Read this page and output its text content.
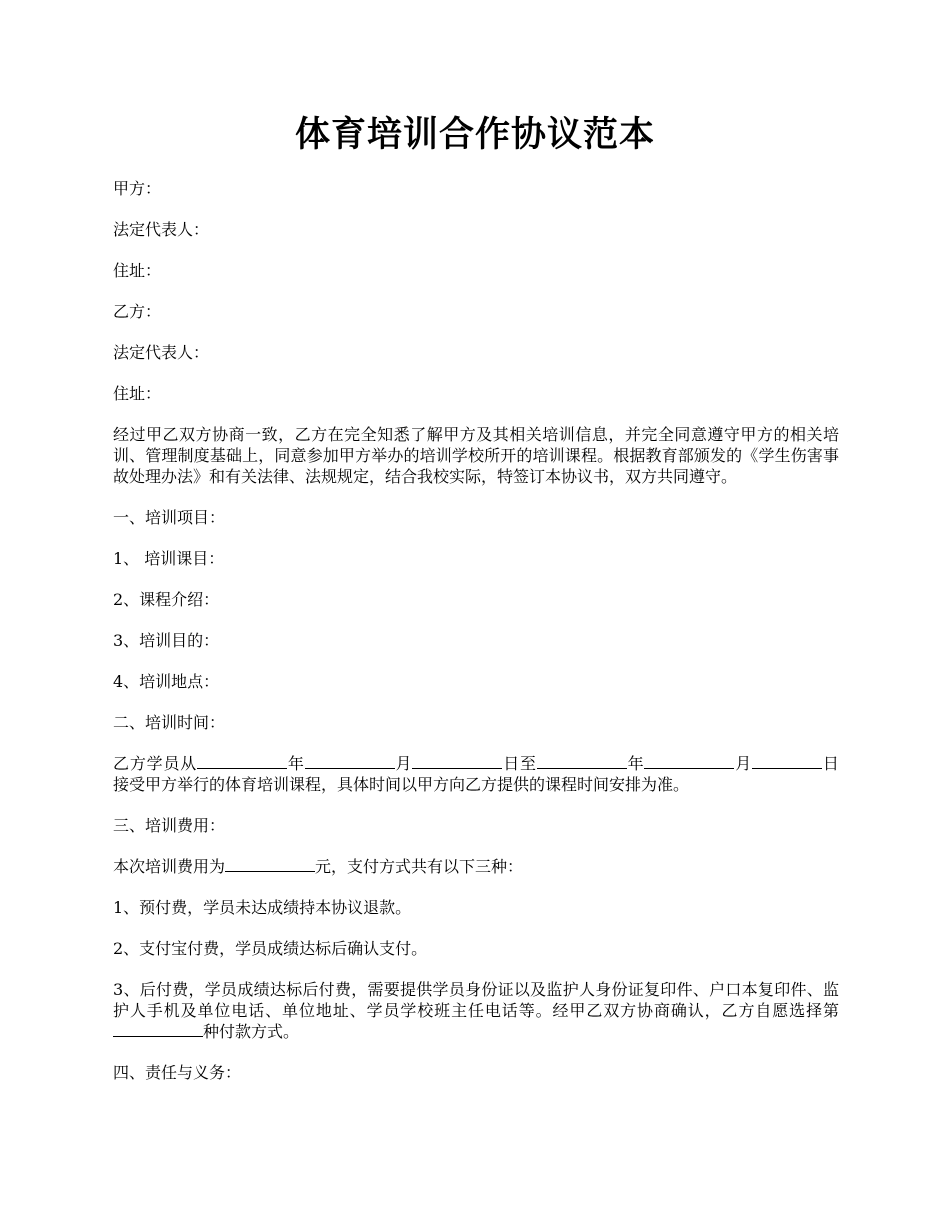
体育培训合作协议范本

甲方：

法定代表人：

住址：

乙方：

法定代表人：

住址：

经过甲乙双方协商一致，乙方在完全知悉了解甲方及其相关培训信息，并完全同意遵守甲方的相关培训、管理制度基础上，同意参加甲方举办的培训学校所开的培训课程。根据教育部颁发的《学生伤害事故处理办法》和有关法律、法规规定，结合我校实际，特签订本协议书，双方共同遵守。

一、培训项目：

1、 培训课目：

2、课程介绍：

3、培训目的：

4、培训地点：

二、培训时间：

乙方学员从	年	月	日至	年	月	日接受甲方举行的体育培训课程，具体时间以甲方向乙方提供的课程时间安排为准。

三、培训费用：

本次培训费用为	元，支付方式共有以下三种：

1、预付费，学员未达成绩持本协议退款。

2、支付宝付费，学员成绩达标后确认支付。

3、后付费，学员成绩达标后付费，需要提供学员身份证以及监护人身份证复印件、户口本复印件、监护人手机及单位电话、单位地址、学员学校班主任电话等。经甲乙双方协商确认，乙方自愿选择第种付款方式。

四、责任与义务：
